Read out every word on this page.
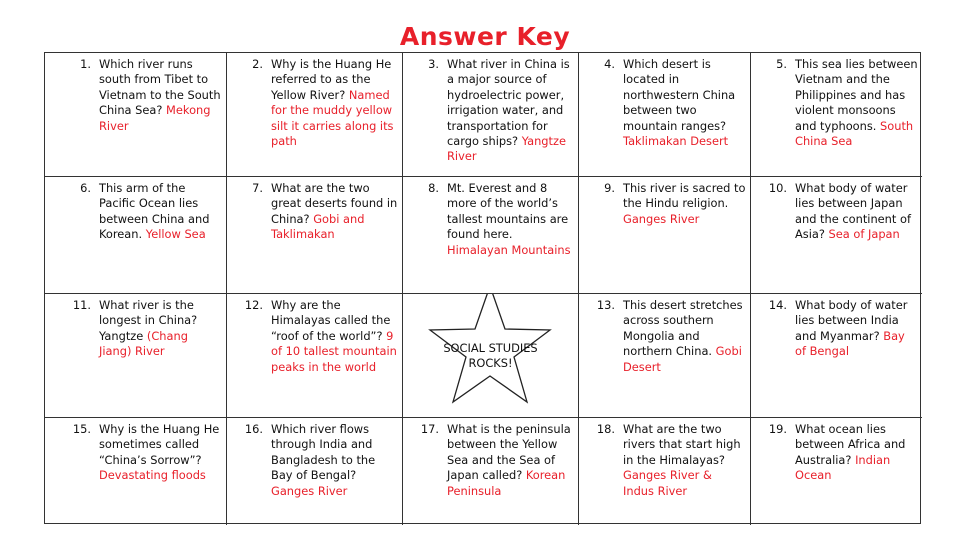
Answer Key
1. Which river runs south from Tibet to Vietnam to the South China Sea? Mekong River
2. Why is the Huang He referred to as the Yellow River? Named for the muddy yellow silt it carries along its path
3. What river in China is a major source of hydroelectric power, irrigation water, and transportation for cargo ships? Yangtze River
4. Which desert is located in northwestern China between two mountain ranges? Taklimakan Desert
5. This sea lies between Vietnam and the Philippines and has violent monsoons and typhoons. South China Sea
6. This arm of the Pacific Ocean lies between China and Korean. Yellow Sea
7. What are the two great deserts found in China? Gobi and Taklimakan
8. Mt. Everest and 8 more of the world’s tallest mountains are found here. Himalayan Mountains
9. This river is sacred to the Hindu religion. Ganges River
10. What body of water lies between Japan and the continent of Asia? Sea of Japan
11. What river is the longest in China? Yangtze (Chang Jiang) River
12. Why are the Himalayas called the “roof of the world”? 9 of 10 tallest mountain peaks in the world
SOCIAL STUDIES
ROCKS!
13. This desert stretches across southern Mongolia and northern China. Gobi Desert
14. What body of water lies between India and Myanmar? Bay of Bengal
15. Why is the Huang He sometimes called “China’s Sorrow”? Devastating floods
16. Which river flows through India and Bangladesh to the Bay of Bengal? Ganges River
17. What is the peninsula between the Yellow Sea and the Sea of Japan called? Korean Peninsula
18. What are the two rivers that start high in the Himalayas? Ganges River & Indus River
19. What ocean lies between Africa and Australia? Indian Ocean
